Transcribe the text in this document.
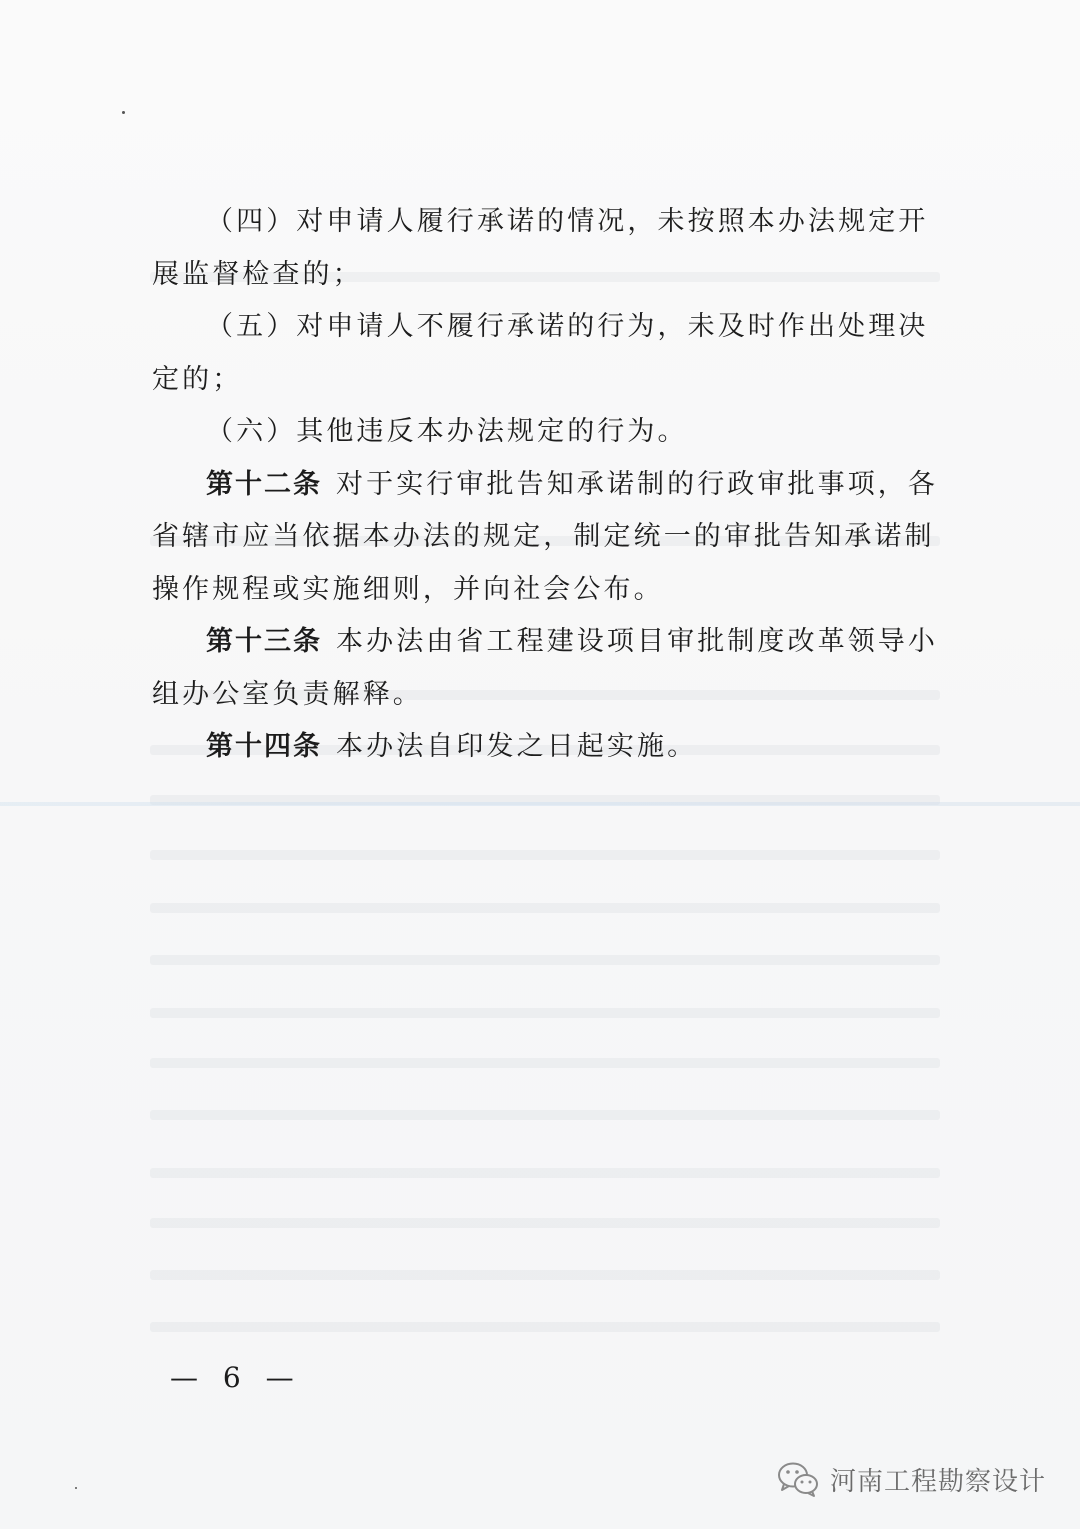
（四）对申请人履行承诺的情况，未按照本办法规定开展监督检查的；

（五）对申请人不履行承诺的行为，未及时作出处理决定的；

（六）其他违反本办法规定的行为。

第十二条 对于实行审批告知承诺制的行政审批事项，各省辖市应当依据本办法的规定，制定统一的审批告知承诺制操作规程或实施细则，并向社会公布。

第十三条 本办法由省工程建设项目审批制度改革领导小组办公室负责解释。

第十四条 本办法自印发之日起实施。

— 6 —
河南工程勘察设计
